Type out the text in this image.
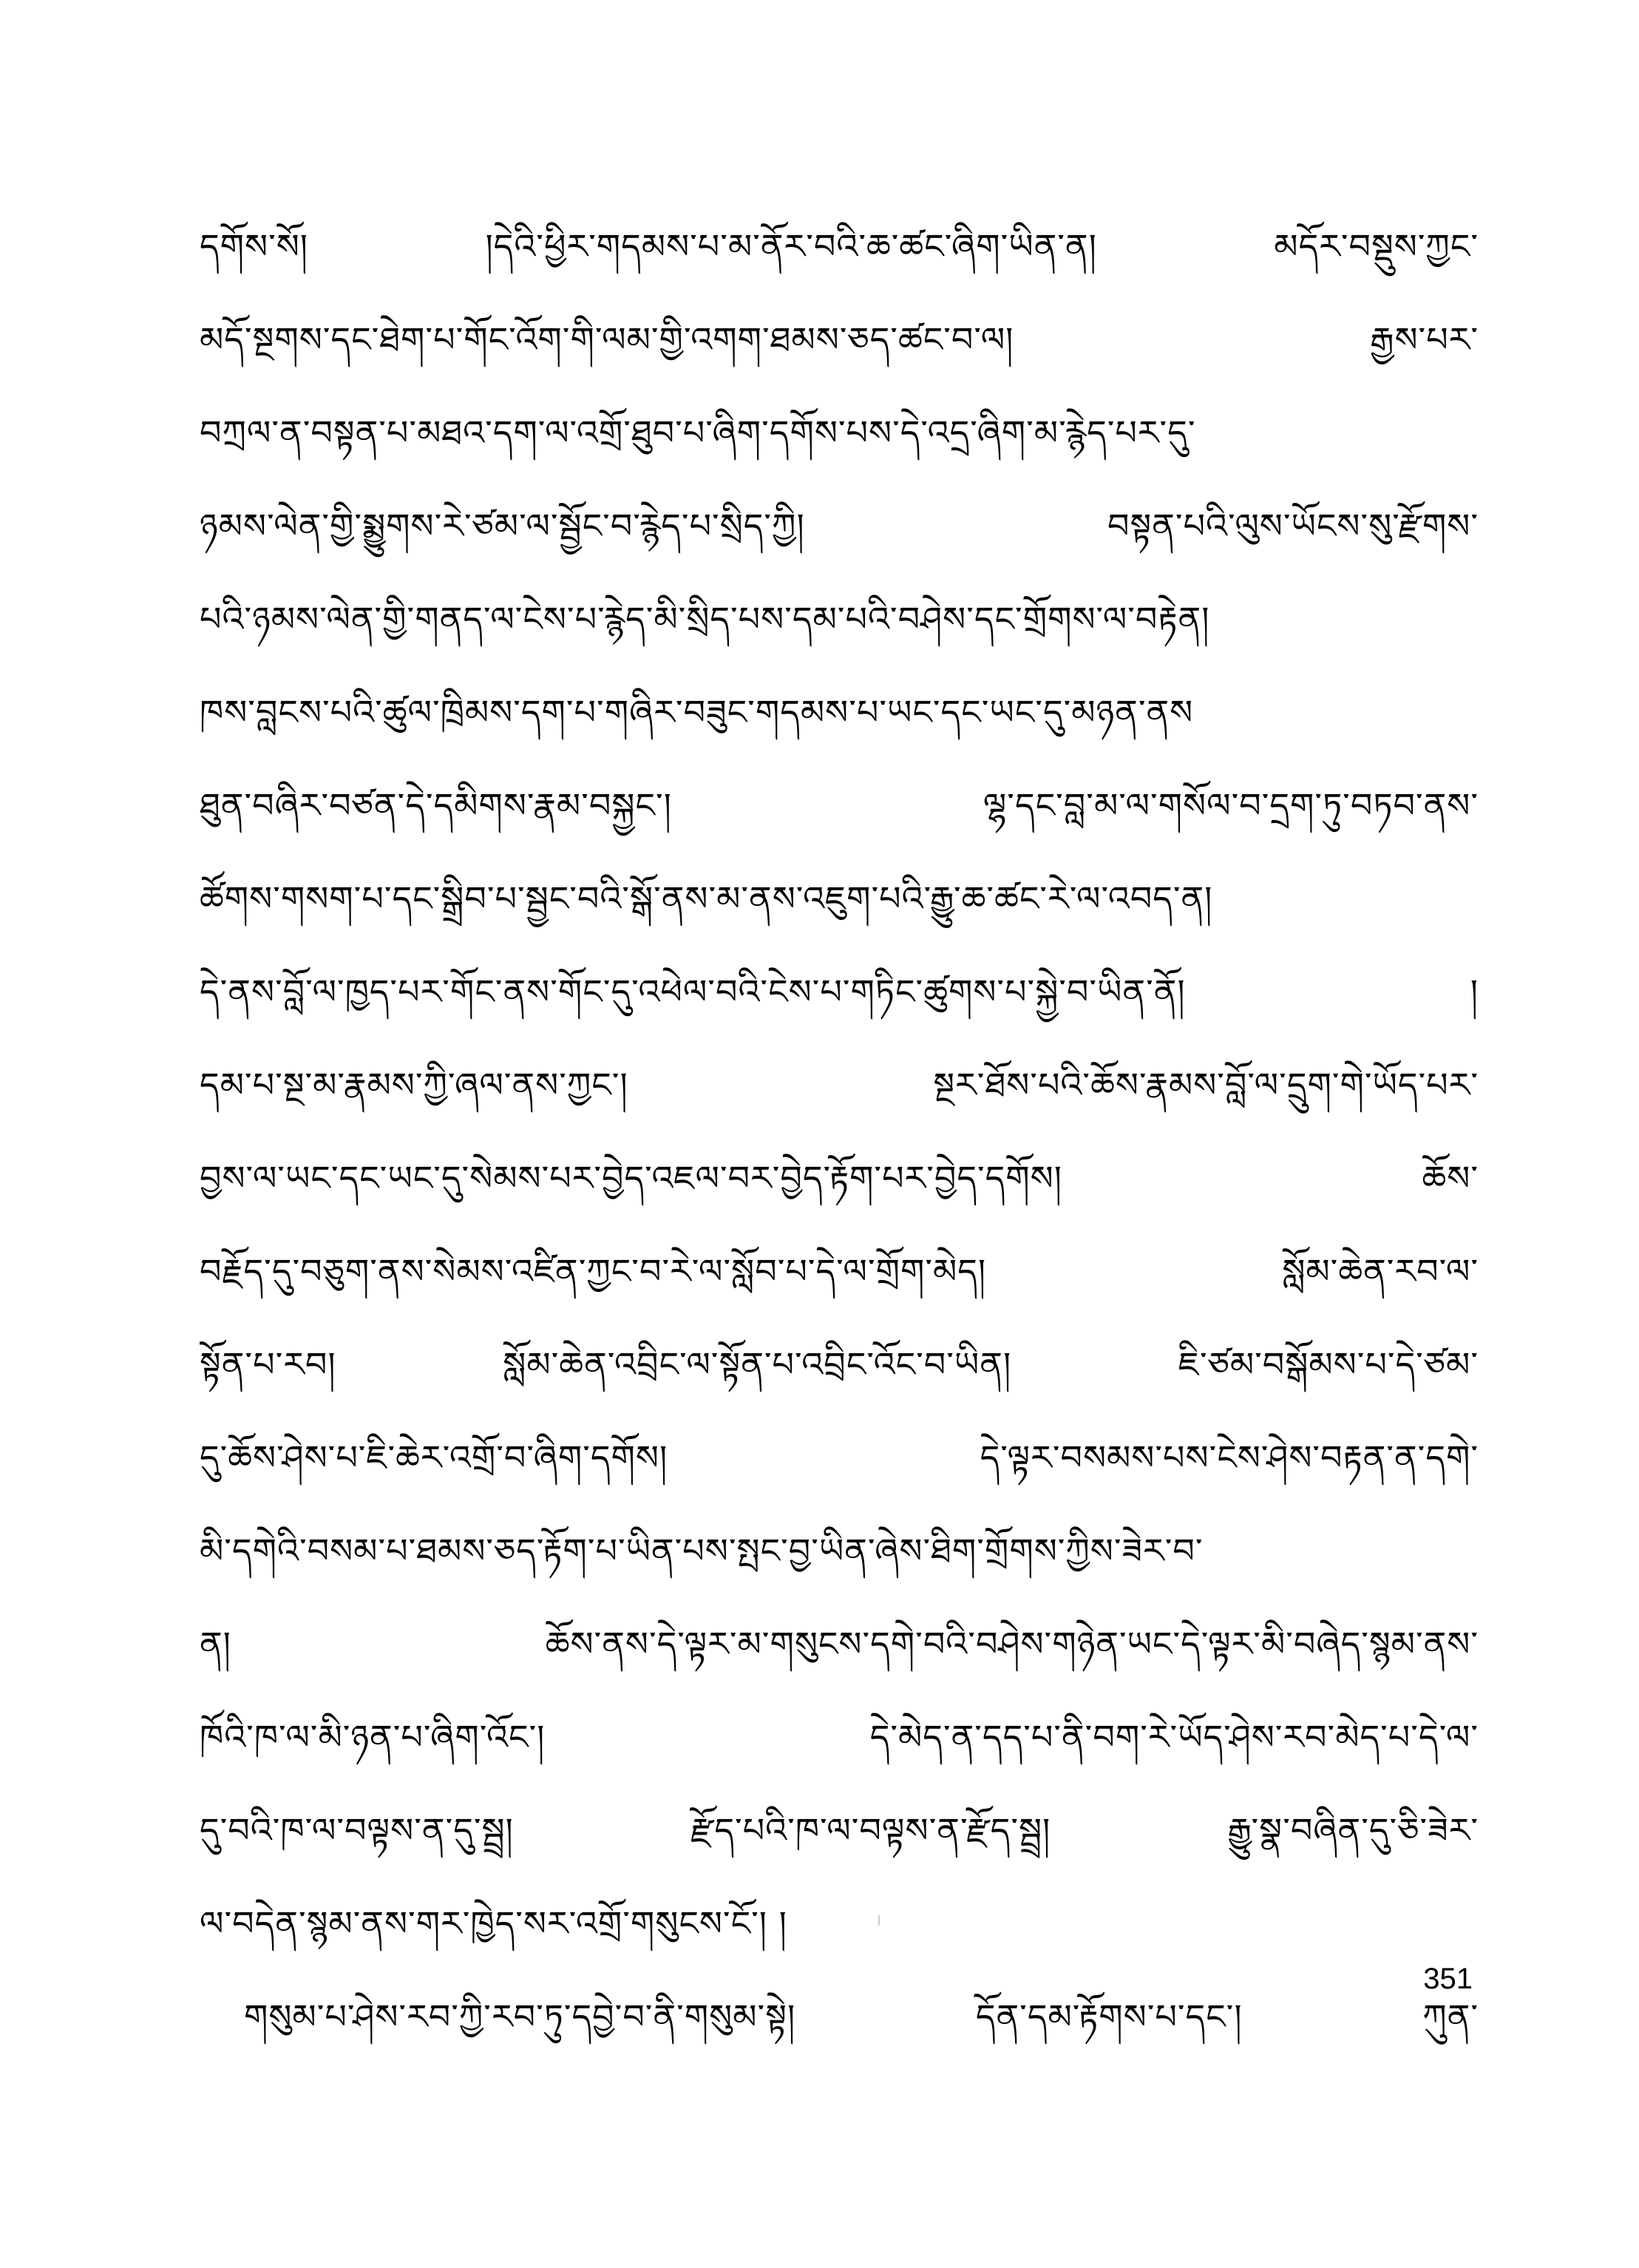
དགོས་སོ། །དེའི་ཕྱིར་གདམས་པ་མ་ནོར་བའི་ཆ་ཚང་ཞིག་ཡིན་ན། མདོར་བསྡུས་ཀྱང་
མདོ་སྔགས་དང་ཐེག་པ་གོང་འོག་གི་ལམ་གྱི་འགག་ཐམས་ཅད་ཚང་བ་ལ། རྒྱས་པར་
བཀྲལ་ན་བསྟན་པ་མཐའ་དག་ལ་འགྲོ་ཐུབ་པ་ཞིག་དགོས་པས་དེ་འདྲ་ཞིག་མ་རྙེད་པར་དུ་
ཉམས་ལེན་གྱི་སྨྱུགས་རེ་ཙམ་ལ་སྦྱོང་བ་རྙེད་པ་སྲིད་ཀྱི། བསྟན་པའི་ལུས་ཡོངས་སུ་རྫོགས་
པའི་ཉམས་ལེན་གྱི་གནད་ལ་ངེས་པ་རྙེད་མི་སྲིད་པས་དམ་པའི་བཤེས་དང་གྲོགས་ལ་བརྟེན།
ཁས་བླངས་པའི་ཚུལ་ཁྲིམས་དག་པ་གཞིར་བཟུང་གདམས་པ་ཡང་དང་ཡང་དུ་མཉན་ནས
ཐུན་བཞིར་བཙན་དེ་དམིགས་རྣམ་བསྐྱང་། ལྷ་དང་བླ་མ་ལ་གསོལ་བ་དྲག་ཏུ་བཏབ་ནས་
ཚོགས་གསག་པ་དང་སྒྲིབ་པ་སྦྱང་བའི་སྒོ་ནས་མ་ནས་འཇུག་པའི་རྒྱུ་ཆ་ཚང་རེ་ལ་འབད་ན།
དེ་ནས་བློ་ལ་ཁྱད་པར་གོང་ནས་གོང་དུ་འཕེལ་བའི་ངེས་པ་གཏིང་ཚུགས་པ་སྐྱེ་བ་ཡིན་ནོ། །
དམ་པ་སྔ་མ་རྣམས་ཀྱི་ཞལ་ནས་ཀྱང་། སྔར་ཐོས་པའི་ཆོས་རྣམས་བློ་ལ་དྲུག་གེ་ཡོད་པར་
བྱས་ལ་ཡང་དང་ཡང་དུ་སེམས་པར་བྱེད་འཇལ་བར་བྱེད་རྟོག་པར་བྱེད་དགོས། ཆོས་
བརྗོད་དུ་བཅུག་ནས་སེམས་འཛིན་ཀྱང་བ་རེ་ལ་སློབ་པ་དེ་ལ་གྲོག་མེད། སློམ་ཆེན་རབ་ལ་
སྟོན་པ་རབ། སློམ་ཆེན་འབྲིང་ལ་སྟོན་པ་འབྲིང་འོང་བ་ཡིན། ཇི་ཙམ་བསྒོམས་པ་དེ་ཙམ་
དུ་ཆོས་ཤེས་པ་ཇི་ཆེར་འགྲོ་བ་ཞིག་དགོས། དེ་ལྟར་བསམས་པས་ངེས་ཤེས་བརྟན་ན་དགེ་
མི་དགེའི་བསམ་པ་ཐམས་ཅད་རྟོག་པ་ཡིན་པས་སྤང་བྱ་ཡིན་ཞེས་ཐིག་གྲོགས་ཀྱིས་ཟེར་བ་
ན། ཆོས་ནས་དེ་ལྟར་མ་གསུངས་དགེ་བའི་བཤེས་གཉེན་ཡང་དེ་ལྟར་མི་བཞེད་སྙམ་ནས་
ཁོའི་ཁ་ལ་མི་ཉན་པ་ཞིག་འོང་། དེ་མེད་ན་དད་པ་ནི་བག་རེ་ཡོད་ཤེས་རབ་མེད་པ་དེ་ལ་
དུ་བའི་ཁ་ལ་བལྟས་ན་དུ་སྦྲ། རྫོད་པའི་ཁ་ལ་བལྟས་ན་རྫོད་སྦྲ། རྒྱུ་སྣ་བཞིན་དུ་ཅི་ཟེར་
ལ་བདེན་སྙམ་ནས་གར་ཁྱེད་སར་འགྲོ་གསུངས་ངོ་། །
གསུམ་པ་ཤེས་རབ་ཀྱི་རབ་ཏུ་དབྱེ་བ་ནི་གསུམ་སྟེ། དོན་དམ་རྟོགས་པ་དང་། ཀུན་
351
